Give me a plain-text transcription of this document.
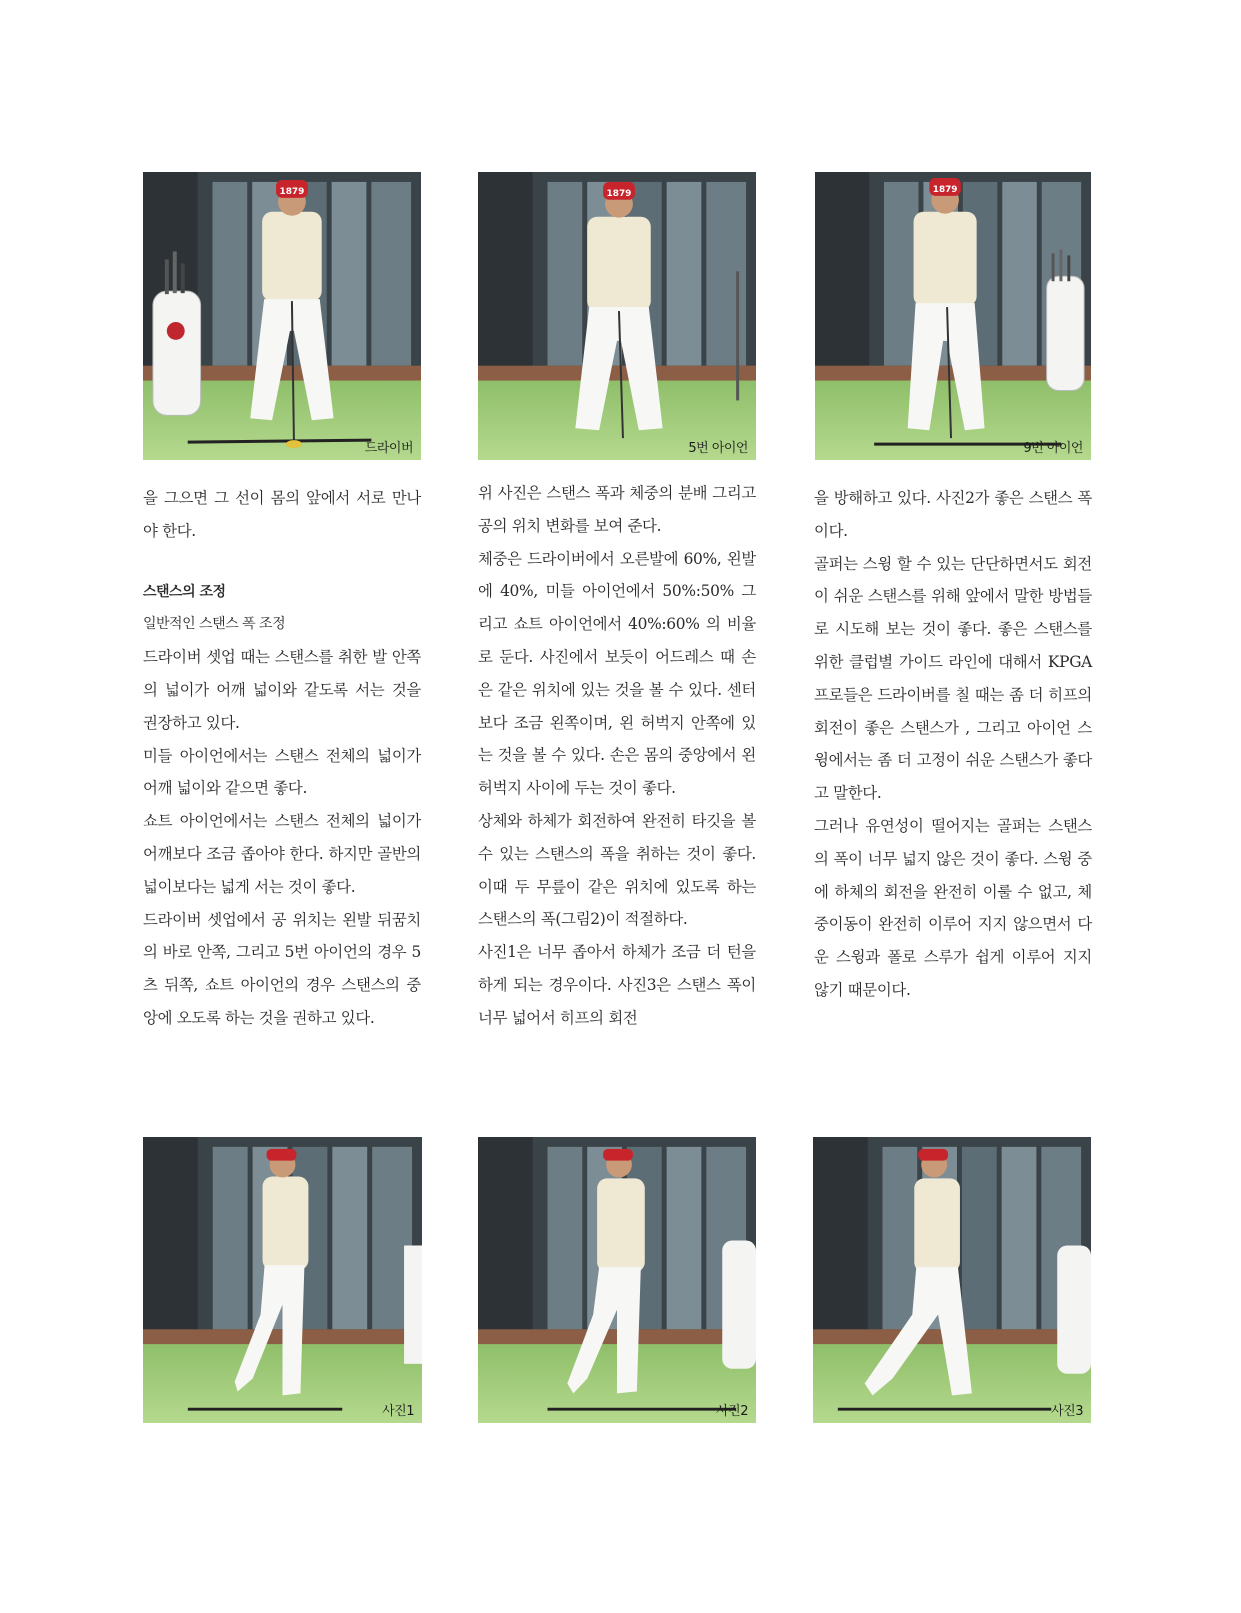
1879
드라이버
1879
5번 아이언
1879
9번 아이언

을 그으면 그 선이 몸의 앞에서 서로 만나야 한다.

스탠스의 조정

일반적인 스탠스 폭 조정

드라이버 셋업 때는 스탠스를 취한 발 안쪽의 넓이가 어깨 넓이와 같도록 서는 것을 권장하고 있다.

미들 아이언에서는 스탠스 전체의 넓이가 어깨 넓이와 같으면 좋다.

쇼트 아이언에서는 스탠스 전체의 넓이가 어깨보다 조금 좁아야 한다. 하지만 골반의 넓이보다는 넓게 서는 것이 좋다.

드라이버 셋업에서 공 위치는 왼발 뒤꿈치의 바로 안쪽, 그리고 5번 아이언의 경우 5츠 뒤쪽, 쇼트 아이언의 경우 스탠스의 중앙에 오도록 하는 것을 권하고 있다.

위 사진은 스탠스 폭과 체중의 분배 그리고 공의 위치 변화를 보여 준다.

체중은 드라이버에서 오른발에 60%, 왼발에 40%, 미들 아이언에서 50%:50% 그리고 쇼트 아이언에서 40%:60% 의 비율로 둔다. 사진에서 보듯이 어드레스 때 손은 같은 위치에 있는 것을 볼 수 있다. 센터보다 조금 왼쪽이며, 왼 허벅지 안쪽에 있는 것을 볼 수 있다. 손은 몸의 중앙에서 왼 허벅지 사이에 두는 것이 좋다.

상체와 하체가 회전하여 완전히 타깃을 볼 수 있는 스탠스의 폭을 취하는 것이 좋다. 이때 두 무릎이 같은 위치에 있도록 하는 스탠스의 폭(그림2)이 적절하다.

사진1은 너무 좁아서 하체가 조금 더 턴을 하게 되는 경우이다. 사진3은 스탠스 폭이 너무 넓어서 히프의 회전

을 방해하고 있다. 사진2가 좋은 스탠스 폭이다.

골퍼는 스윙 할 수 있는 단단하면서도 회전이 쉬운 스탠스를 위해 앞에서 말한 방법들로 시도해 보는 것이 좋다. 좋은 스탠스를 위한 클럽별 가이드 라인에 대해서 KPGA프로들은 드라이버를 칠 때는 좀 더 히프의 회전이 좋은 스탠스가 , 그리고 아이언 스윙에서는 좀 더 고정이 쉬운 스탠스가 좋다고 말한다.

그러나 유연성이 떨어지는 골퍼는 스탠스의 폭이 너무 넓지 않은 것이 좋다. 스윙 중에 하체의 회전을 완전히 이룰 수 없고, 체중이동이 완전히 이루어 지지 않으면서 다운 스윙과 폴로 스루가 쉽게 이루어 지지 않기 때문이다.

사진1	사진2	사진3
